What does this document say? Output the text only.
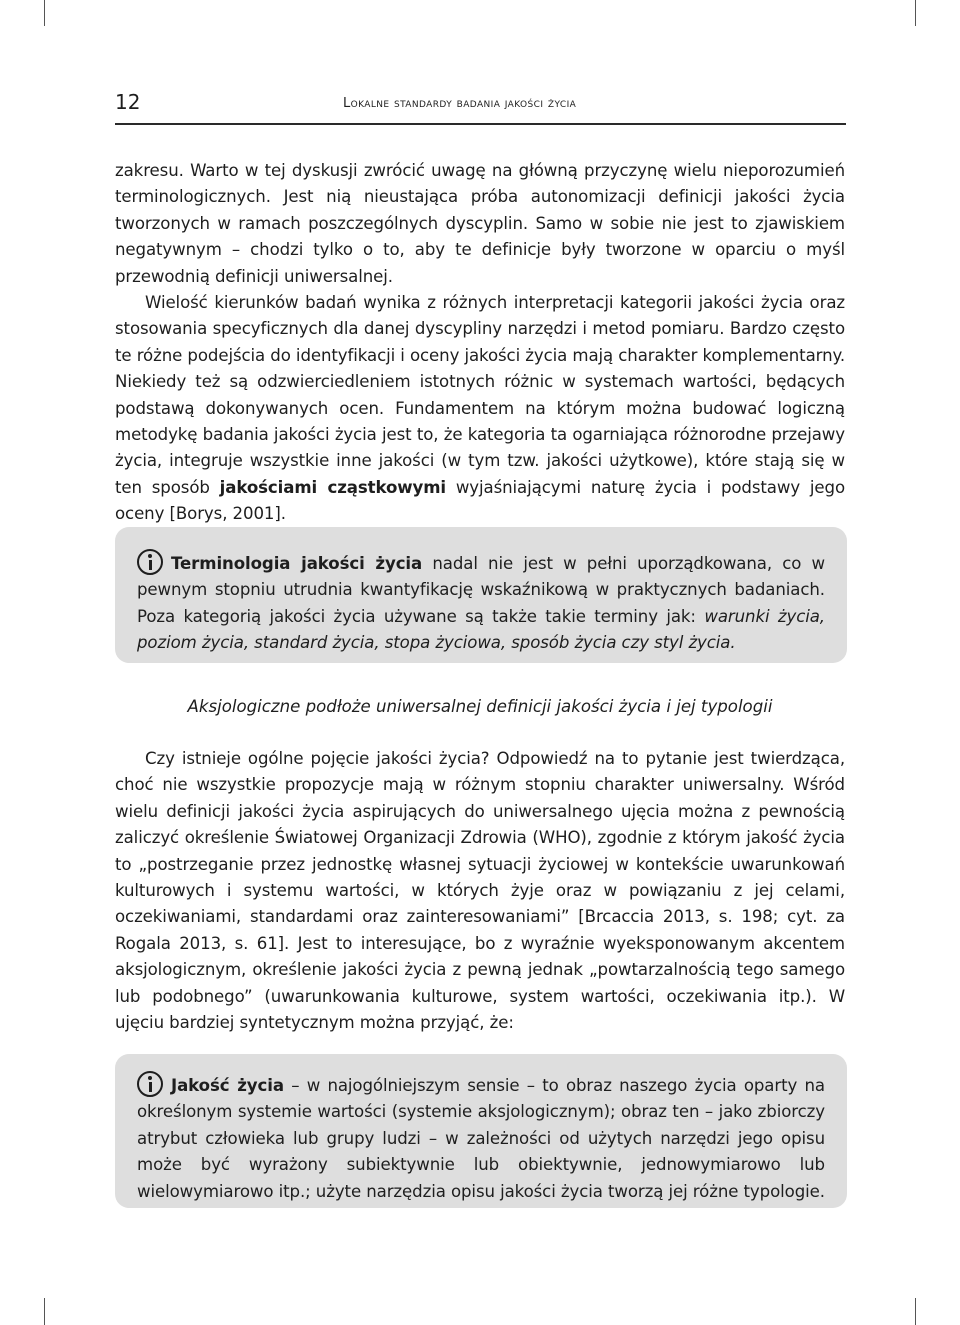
12	Lokalne standardy badania jakości życia

zakresu. Warto w tej dyskusji zwrócić uwagę na główną przyczynę wielu nieporozumień terminologicznych. Jest nią nieustająca próba autonomizacji definicji jakości życia tworzonych w ramach poszczególnych dyscyplin. Samo w sobie nie jest to zjawiskiem negatywnym – chodzi tylko o to, aby te definicje były tworzone w oparciu o myśl przewodnią definicji uniwersalnej.

Wielość kierunków badań wynika z różnych interpretacji kategorii jakości życia oraz stosowania specyficznych dla danej dyscypliny narzędzi i metod pomiaru. Bardzo często te różne podejścia do identyfikacji i oceny jakości życia mają charakter komplementarny. Niekiedy też są odzwierciedleniem istotnych różnic w systemach wartości, będących podstawą dokonywanych ocen. Fundamentem na którym można budować logiczną metodykę badania jakości życia jest to, że kategoria ta ogarniająca różnorodne przejawy życia, integruje wszystkie inne jakości (w tym tzw. jakości użytkowe), które stają się w ten sposób jakościami cząstkowymi wyjaśniającymi naturę życia i podstawy jego oceny [Borys, 2001].

Terminologia jakości życia nadal nie jest w pełni uporządkowana, co w pewnym stopniu utrudnia kwantyfikację wskaźnikową w praktycznych badaniach. Poza kategorią jakości życia używane są także takie terminy jak: warunki życia, poziom życia, standard życia, stopa życiowa, sposób życia czy styl życia.
Aksjologiczne podłoże uniwersalnej definicji jakości życia i jej typologii

Czy istnieje ogólne pojęcie jakości życia? Odpowiedź na to pytanie jest twierdząca, choć nie wszystkie propozycje mają w różnym stopniu charakter uniwersalny. Wśród wielu definicji jakości życia aspirujących do uniwersalnego ujęcia można z pewnością zaliczyć określenie Światowej Organizacji Zdrowia (WHO), zgodnie z którym jakość życia to „postrzeganie przez jednostkę własnej sytuacji życiowej w kontekście uwarunkowań kulturowych i systemu wartości, w których żyje oraz w powiązaniu z jej celami, oczekiwaniami, standardami oraz zainteresowaniami” [Brcaccia 2013, s. 198; cyt. za Rogala 2013, s. 61]. Jest to interesujące, bo z wyraźnie wyeksponowanym akcentem aksjologicznym, określenie jakości życia z pewną jednak „powtarzalnością tego samego lub podobnego” (uwarunkowania kulturowe, system wartości, oczekiwania itp.). W ujęciu bardziej syntetycznym można przyjąć, że:

Jakość życia – w najogólniejszym sensie – to obraz naszego życia oparty na określonym systemie wartości (systemie aksjologicznym); obraz ten – jako zbiorczy atrybut człowieka lub grupy ludzi – w zależności od użytych narzędzi jego opisu może być wyrażony subiektywnie lub obiektywnie, jednowymiarowo lub wielowymiarowo itp.; użyte narzędzia opisu jakości życia tworzą jej różne typologie.
